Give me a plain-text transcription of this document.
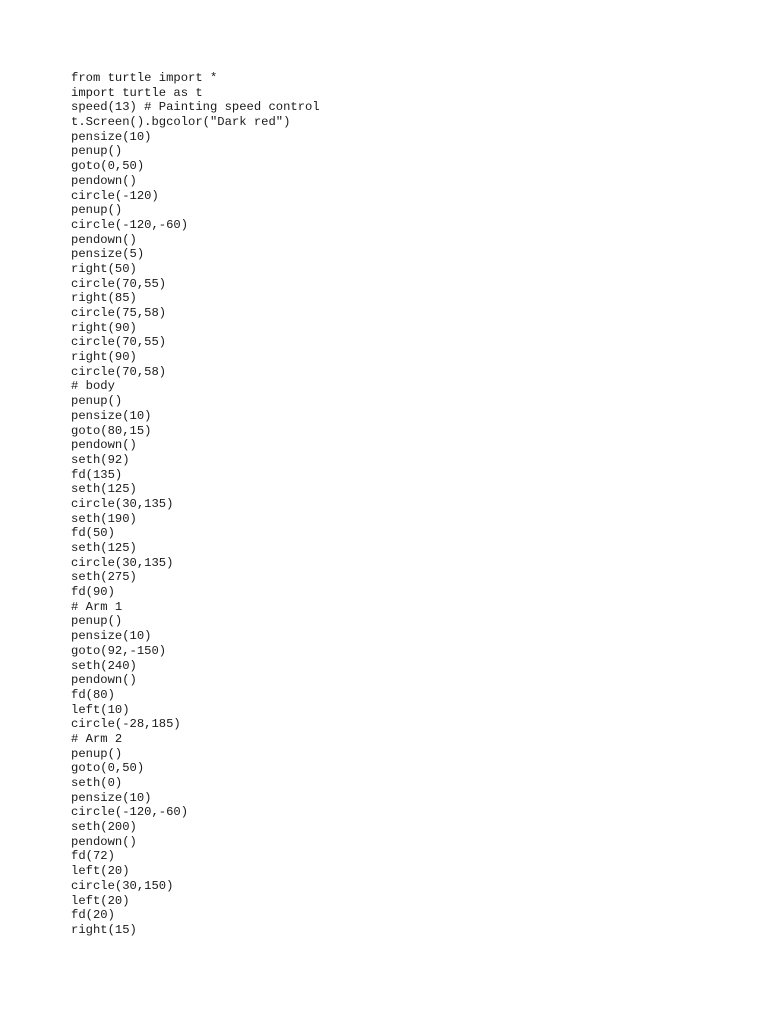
from turtle import *
import turtle as t
speed(13) # Painting speed control
t.Screen().bgcolor("Dark red")
pensize(10)
penup()
goto(0,50)
pendown()
circle(-120)
penup()
circle(-120,-60)
pendown()
pensize(5)
right(50)
circle(70,55)
right(85)
circle(75,58)
right(90)
circle(70,55)
right(90)
circle(70,58)
# body
penup()
pensize(10)
goto(80,15)
pendown()
seth(92)
fd(135)
seth(125)
circle(30,135)
seth(190)
fd(50)
seth(125)
circle(30,135)
seth(275)
fd(90)
# Arm 1
penup()
pensize(10)
goto(92,-150)
seth(240)
pendown()
fd(80)
left(10)
circle(-28,185)
# Arm 2
penup()
goto(0,50)
seth(0)
pensize(10)
circle(-120,-60)
seth(200)
pendown()
fd(72)
left(20)
circle(30,150)
left(20)
fd(20)
right(15)
